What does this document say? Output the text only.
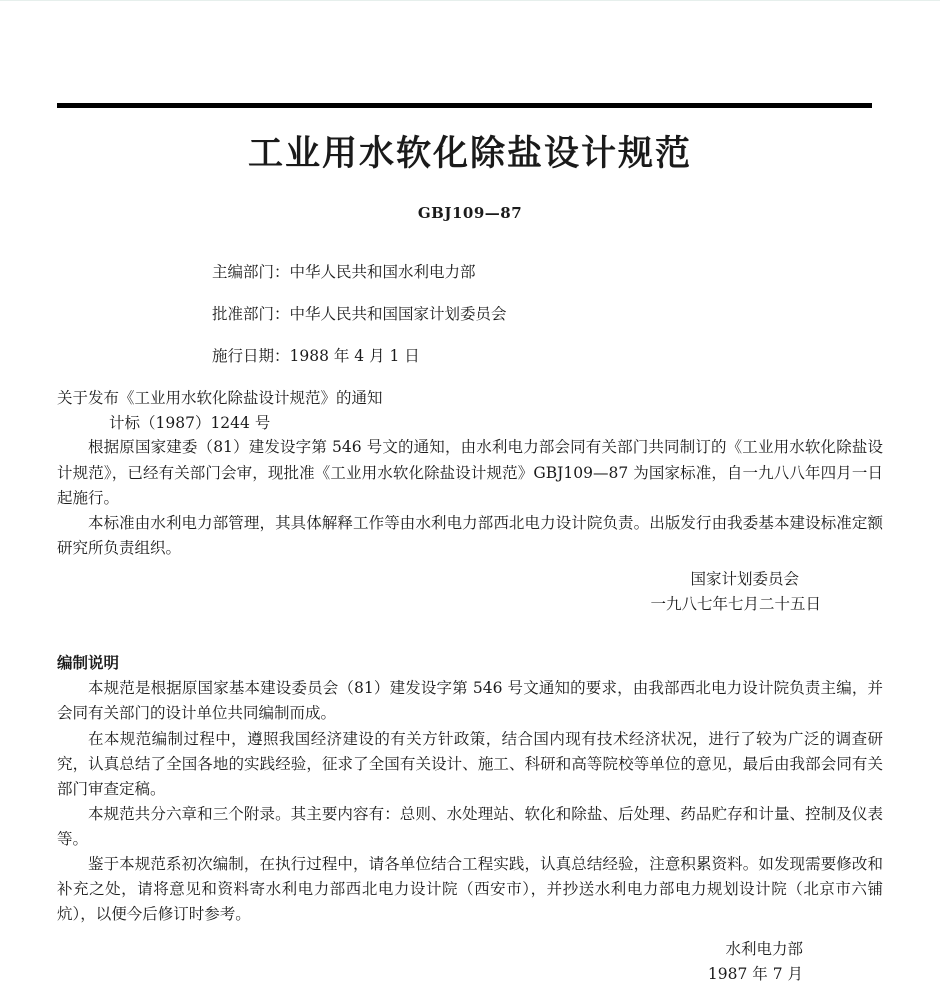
工业用水软化除盐设计规范
GBJ109—87
主编部门：中华人民共和国水利电力部
批准部门：中华人民共和国国家计划委员会
施行日期：1988 年 4 月 1 日

关于发布《工业用水软化除盐设计规范》的通知

计标（1987）1244 号

根据原国家建委（81）建发设字第 546 号文的通知，由水利电力部会同有关部门共同制订的《工业用水软化除盐设计规范》，已经有关部门会审，现批准《工业用水软化除盐设计规范》GBJ109—87 为国家标准，自一九八八年四月一日起施行。

本标准由水利电力部管理，其具体解释工作等由水利电力部西北电力设计院负责。出版发行由我委基本建设标准定额研究所负责组织。

国家计划委员会
一九八七年七月二十五日
编制说明

本规范是根据原国家基本建设委员会（81）建发设字第 546 号文通知的要求，由我部西北电力设计院负责主编，并会同有关部门的设计单位共同编制而成。

在本规范编制过程中，遵照我国经济建设的有关方针政策，结合国内现有技术经济状况，进行了较为广泛的调查研究，认真总结了全国各地的实践经验，征求了全国有关设计、施工、科研和高等院校等单位的意见，最后由我部会同有关部门审查定稿。

本规范共分六章和三个附录。其主要内容有：总则、水处理站、软化和除盐、后处理、药品贮存和计量、控制及仪表等。

鉴于本规范系初次编制，在执行过程中，请各单位结合工程实践，认真总结经验，注意积累资料。如发现需要修改和补充之处，请将意见和资料寄水利电力部西北电力设计院（西安市），并抄送水利电力部电力规划设计院（北京市六铺炕），以便今后修订时参考。

水利电力部
1987 年 7 月
